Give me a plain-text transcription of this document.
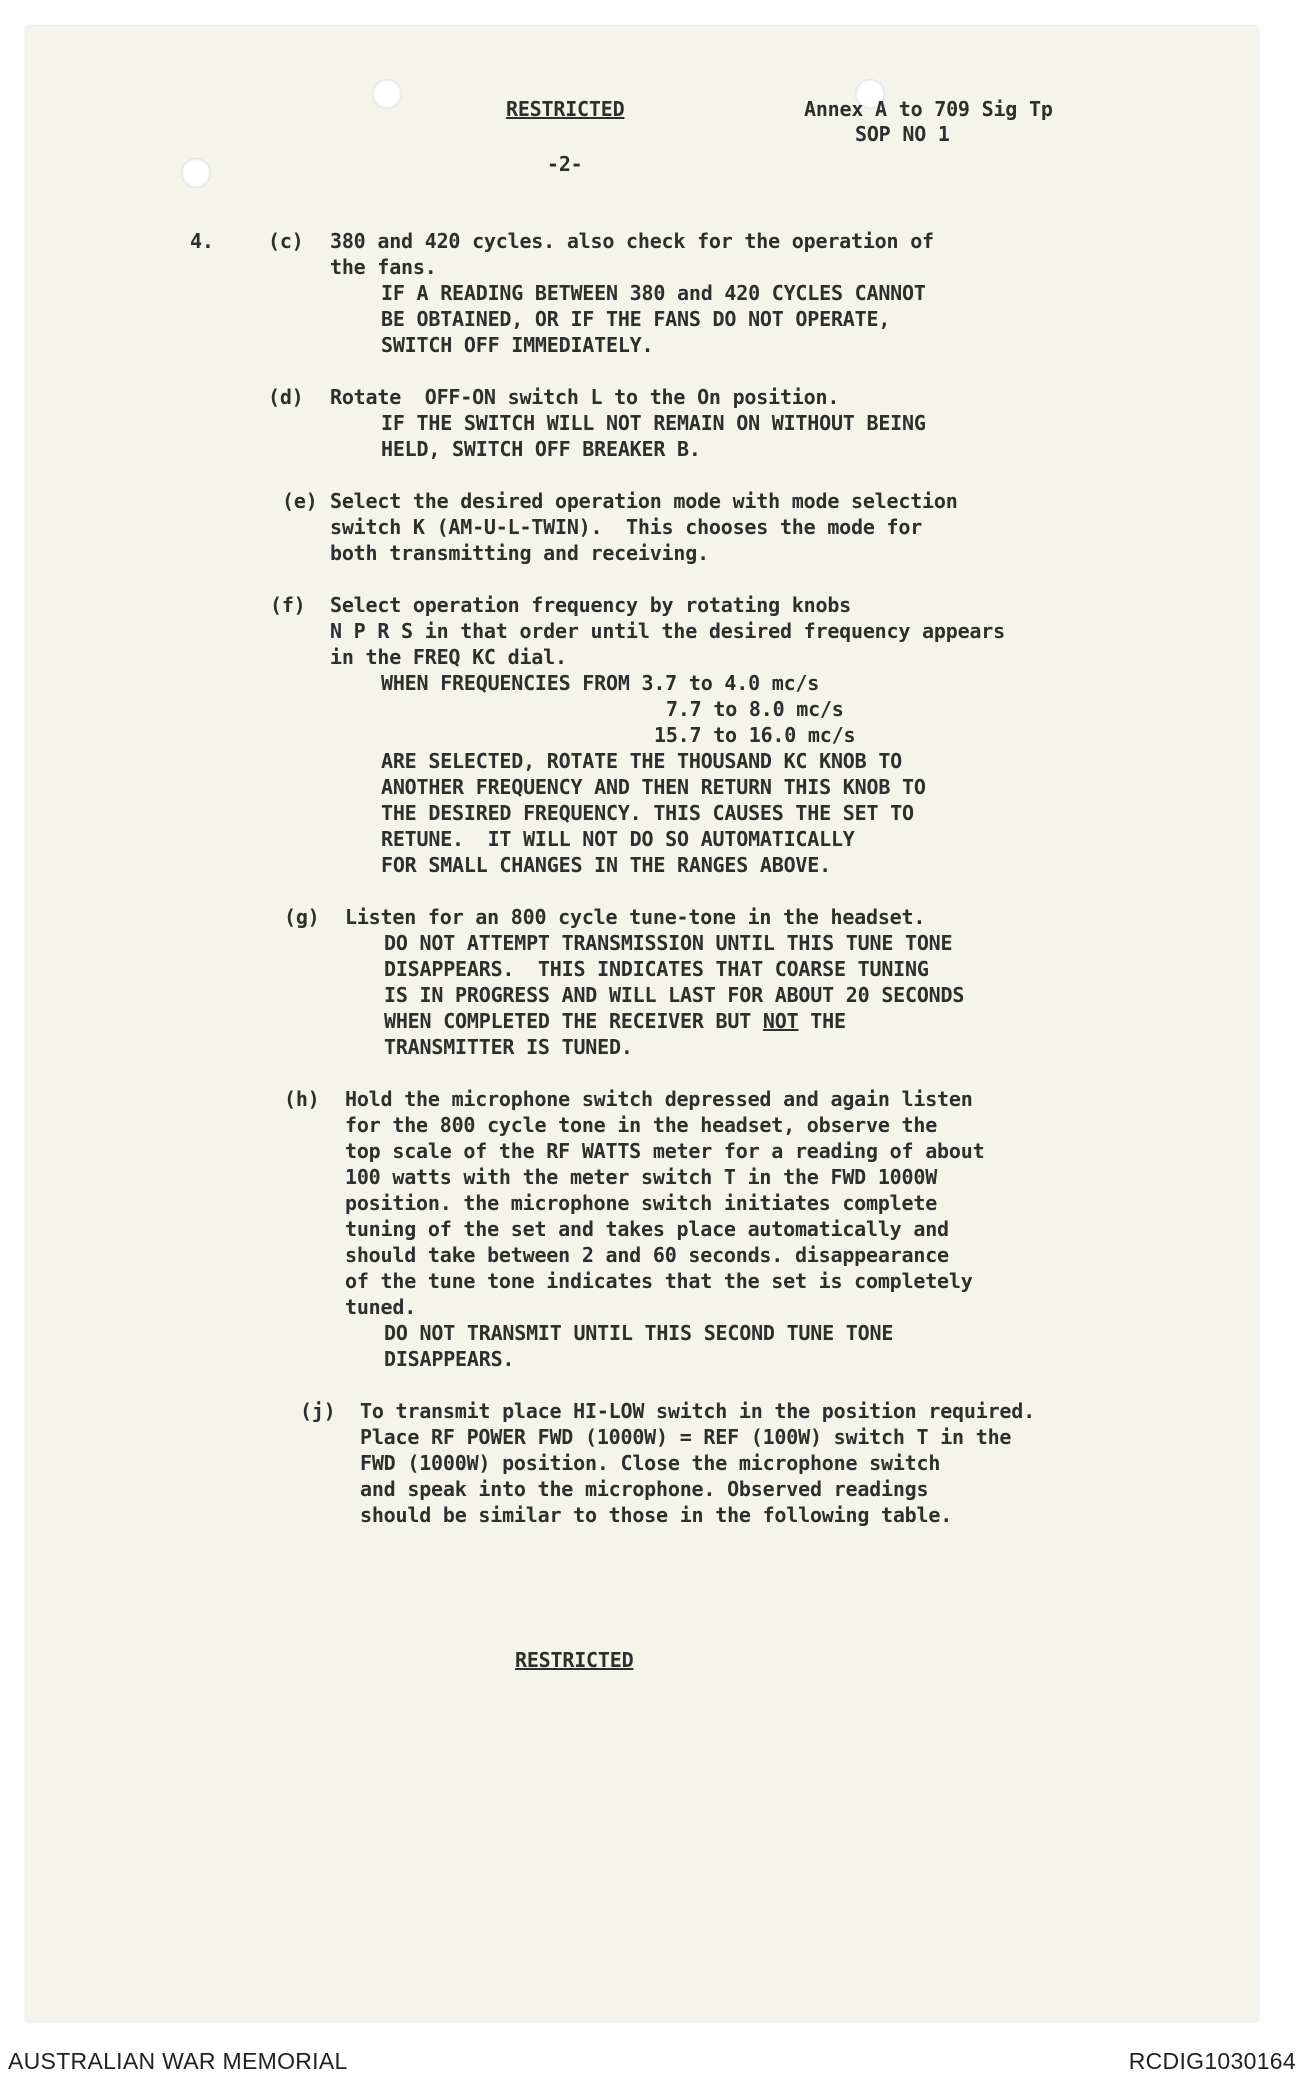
RESTRICTED	Annex A to 709 Sig Tp
SOP NO 1
-2-
4.	(c) 380 and 420 cycles. also check for the operation of
the fans.
IF A READING BETWEEN 380 and 420 CYCLES CANNOT
BE OBTAINED, OR IF THE FANS DO NOT OPERATE,
SWITCH OFF IMMEDIATELY.
(d) Rotate  OFF-ON switch L to the On position.
IF THE SWITCH WILL NOT REMAIN ON WITHOUT BEING
HELD, SWITCH OFF BREAKER B.
(e) Select the desired operation mode with mode selection
switch K (AM-U-L-TWIN).  This chooses the mode for
both transmitting and receiving.
(f) Select operation frequency by rotating knobs
N P R S in that order until the desired frequency appears
in the FREQ KC dial.
WHEN FREQUENCIES FROM 3.7 to 4.0 mc/s
7.7 to 8.0 mc/s
15.7 to 16.0 mc/s
ARE SELECTED, ROTATE THE THOUSAND KC KNOB TO
ANOTHER FREQUENCY AND THEN RETURN THIS KNOB TO
THE DESIRED FREQUENCY. THIS CAUSES THE SET TO
RETUNE.  IT WILL NOT DO SO AUTOMATICALLY
FOR SMALL CHANGES IN THE RANGES ABOVE.
(g) Listen for an 800 cycle tune-tone in the headset.
DO NOT ATTEMPT TRANSMISSION UNTIL THIS TUNE TONE
DISAPPEARS.  THIS INDICATES THAT COARSE TUNING
IS IN PROGRESS AND WILL LAST FOR ABOUT 20 SECONDS
WHEN COMPLETED THE RECEIVER BUT NOT THE
TRANSMITTER IS TUNED.
(h) Hold the microphone switch depressed and again listen
for the 800 cycle tone in the headset, observe the
top scale of the RF WATTS meter for a reading of about
100 watts with the meter switch T in the FWD 1000W
position. the microphone switch initiates complete
tuning of the set and takes place automatically and
should take between 2 and 60 seconds. disappearance
of the tune tone indicates that the set is completely
tuned.
DO NOT TRANSMIT UNTIL THIS SECOND TUNE TONE
DISAPPEARS.
(j) To transmit place HI-LOW switch in the position required.
Place RF POWER FWD (1000W) = REF (100W) switch T in the
FWD (1000W) position. Close the microphone switch
and speak into the microphone. Observed readings
should be similar to those in the following table.
RESTRICTED
AUSTRALIAN WAR MEMORIAL	RCDIG1030164
